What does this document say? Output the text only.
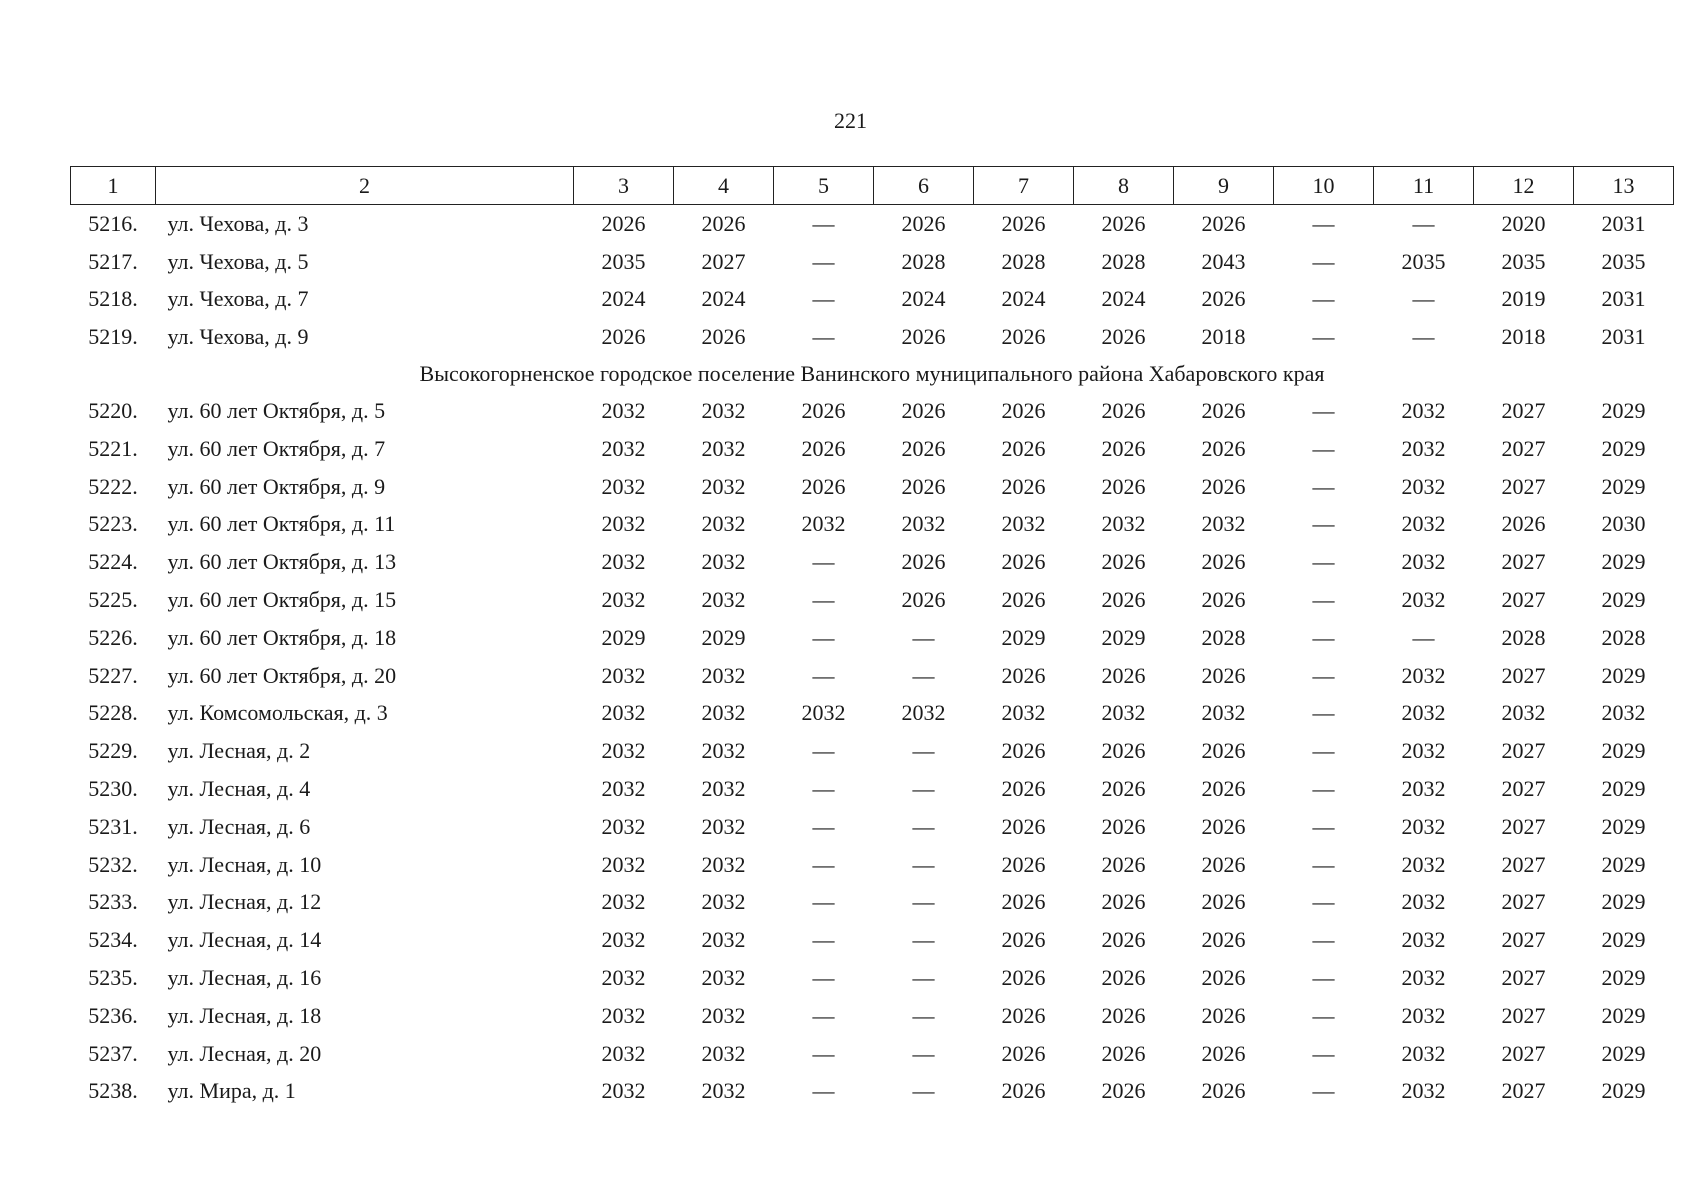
221
1	2	3	4	5	6	7	8	9	10	11	12	13
5216.	ул. Чехова, д. 3	2026	2026	—	2026	2026	2026	2026	—	—	2020	2031
5217.	ул. Чехова, д. 5	2035	2027	—	2028	2028	2028	2043	—	2035	2035	2035
5218.	ул. Чехова, д. 7	2024	2024	—	2024	2024	2024	2026	—	—	2019	2031
5219.	ул. Чехова, д. 9	2026	2026	—	2026	2026	2026	2018	—	—	2018	2031
Высокогорненское городское поселение Ванинского муниципального района Хабаровского края												
5220.	ул. 60 лет Октября, д. 5	2032	2032	2026	2026	2026	2026	2026	—	2032	2027	2029
5221.	ул. 60 лет Октября, д. 7	2032	2032	2026	2026	2026	2026	2026	—	2032	2027	2029
5222.	ул. 60 лет Октября, д. 9	2032	2032	2026	2026	2026	2026	2026	—	2032	2027	2029
5223.	ул. 60 лет Октября, д. 11	2032	2032	2032	2032	2032	2032	2032	—	2032	2026	2030
5224.	ул. 60 лет Октября, д. 13	2032	2032	—	2026	2026	2026	2026	—	2032	2027	2029
5225.	ул. 60 лет Октября, д. 15	2032	2032	—	2026	2026	2026	2026	—	2032	2027	2029
5226.	ул. 60 лет Октября, д. 18	2029	2029	—	—	2029	2029	2028	—	—	2028	2028
5227.	ул. 60 лет Октября, д. 20	2032	2032	—	—	2026	2026	2026	—	2032	2027	2029
5228.	ул. Комсомольская, д. 3	2032	2032	2032	2032	2032	2032	2032	—	2032	2032	2032
5229.	ул. Лесная, д. 2	2032	2032	—	—	2026	2026	2026	—	2032	2027	2029
5230.	ул. Лесная, д. 4	2032	2032	—	—	2026	2026	2026	—	2032	2027	2029
5231.	ул. Лесная, д. 6	2032	2032	—	—	2026	2026	2026	—	2032	2027	2029
5232.	ул. Лесная, д. 10	2032	2032	—	—	2026	2026	2026	—	2032	2027	2029
5233.	ул. Лесная, д. 12	2032	2032	—	—	2026	2026	2026	—	2032	2027	2029
5234.	ул. Лесная, д. 14	2032	2032	—	—	2026	2026	2026	—	2032	2027	2029
5235.	ул. Лесная, д. 16	2032	2032	—	—	2026	2026	2026	—	2032	2027	2029
5236.	ул. Лесная, д. 18	2032	2032	—	—	2026	2026	2026	—	2032	2027	2029
5237.	ул. Лесная, д. 20	2032	2032	—	—	2026	2026	2026	—	2032	2027	2029
5238.	ул. Мира, д. 1	2032	2032	—	—	2026	2026	2026	—	2032	2027	2029
